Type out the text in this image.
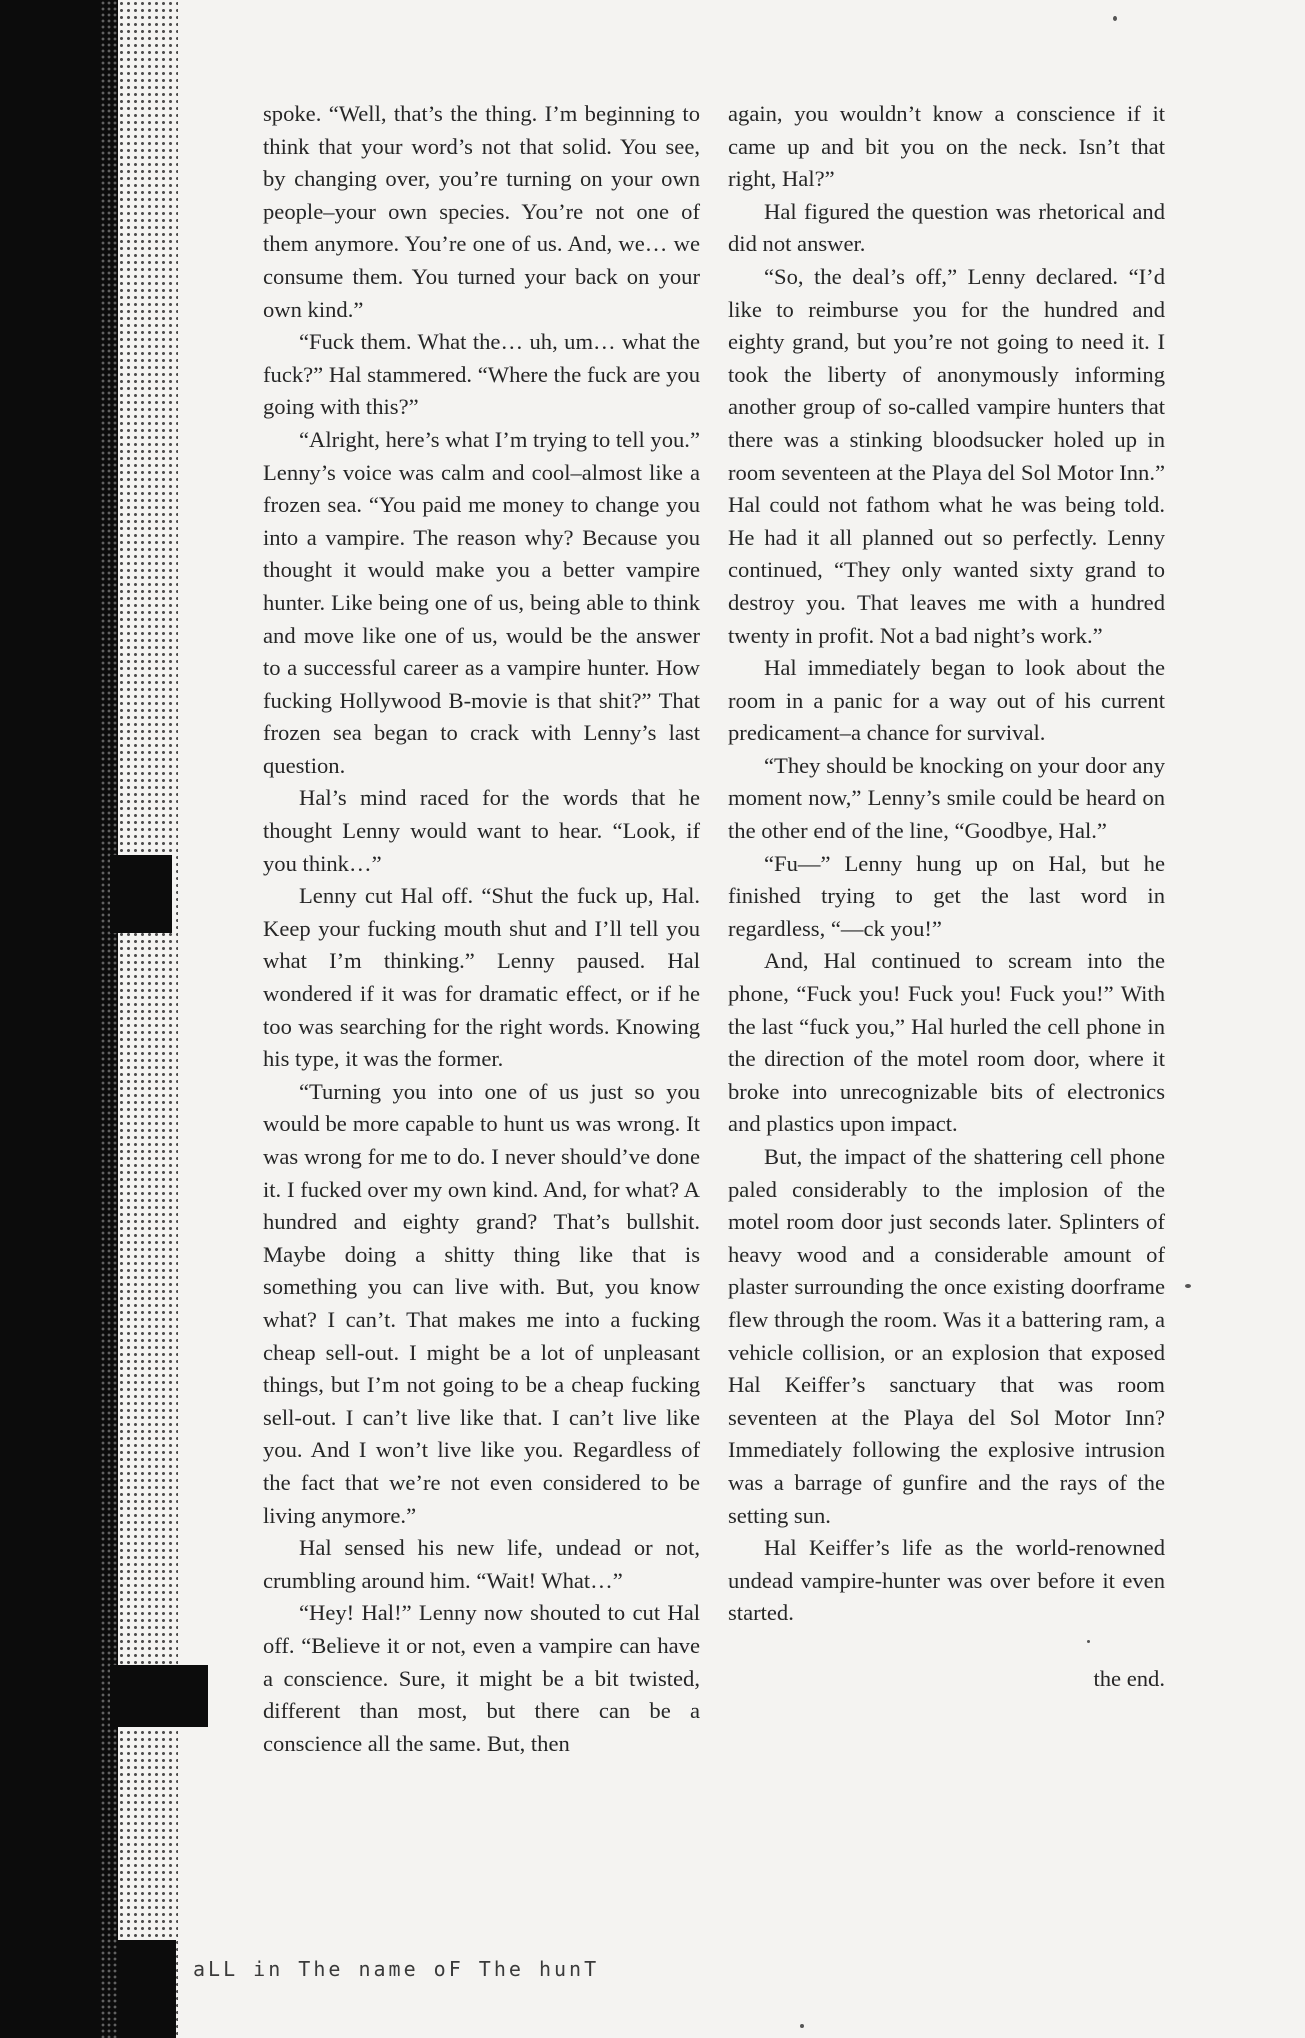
spoke. “Well, that’s the thing. I’m beginning to think that your word’s not that solid. You see, by changing over, you’re turning on your own people–your own species. You’re not one of them anymore. You’re one of us. And, we… we consume them. You turned your back on your own kind.”

“Fuck them. What the… uh, um… what the fuck?” Hal stammered. “Where the fuck are you going with this?”

“Alright, here’s what I’m trying to tell you.” Lenny’s voice was calm and cool–almost like a frozen sea. “You paid me money to change you into a vampire. The reason why? Because you thought it would make you a better vampire hunter. Like being one of us, being able to think and move like one of us, would be the answer to a successful career as a vampire hunter. How fucking Hollywood B-movie is that shit?” That frozen sea began to crack with Lenny’s last question.

Hal’s mind raced for the words that he thought Lenny would want to hear. “Look, if you think…”

Lenny cut Hal off. “Shut the fuck up, Hal. Keep your fucking mouth shut and I’ll tell you what I’m thinking.” Lenny paused. Hal wondered if it was for dramatic effect, or if he too was searching for the right words. Knowing his type, it was the former.

“Turning you into one of us just so you would be more capable to hunt us was wrong. It was wrong for me to do. I never should’ve done it. I fucked over my own kind. And, for what? A hundred and eighty grand? That’s bullshit. Maybe doing a shitty thing like that is something you can live with. But, you know what? I can’t. That makes me into a fucking cheap sell-out. I might be a lot of unpleasant things, but I’m not going to be a cheap fucking sell-out. I can’t live like that. I can’t live like you. And I won’t live like you. Regardless of the fact that we’re not even considered to be living anymore.”

Hal sensed his new life, undead or not, crumbling around him. “Wait! What…”

“Hey! Hal!” Lenny now shouted to cut Hal off. “Believe it or not, even a vampire can have a conscience. Sure, it might be a bit twisted, different than most, but there can be a conscience all the same. But, then

again, you wouldn’t know a conscience if it came up and bit you on the neck. Isn’t that right, Hal?”

Hal figured the question was rhetorical and did not answer.

“So, the deal’s off,” Lenny declared. “I’d like to reimburse you for the hundred and eighty grand, but you’re not going to need it. I took the liberty of anonymously informing another group of so-called vampire hunters that there was a stinking bloodsucker holed up in room seventeen at the Playa del Sol Motor Inn.” Hal could not fathom what he was being told. He had it all planned out so perfectly. Lenny continued, “They only wanted sixty grand to destroy you. That leaves me with a hundred twenty in profit. Not a bad night’s work.”

Hal immediately began to look about the room in a panic for a way out of his current predicament–a chance for survival.

“They should be knocking on your door any moment now,” Lenny’s smile could be heard on the other end of the line, “Goodbye, Hal.”

“Fu—” Lenny hung up on Hal, but he finished trying to get the last word in regardless, “—ck you!”

And, Hal continued to scream into the phone, “Fuck you! Fuck you! Fuck you!” With the last “fuck you,” Hal hurled the cell phone in the direction of the motel room door, where it broke into unrecognizable bits of electronics and plastics upon impact.

But, the impact of the shattering cell phone paled considerably to the implosion of the motel room door just seconds later. Splinters of heavy wood and a considerable amount of plaster surrounding the once existing doorframe flew through the room. Was it a battering ram, a vehicle collision, or an explosion that exposed Hal Keiffer’s sanctuary that was room seventeen at the Playa del Sol Motor Inn? Immediately following the explosive intrusion was a barrage of gunfire and the rays of the setting sun.

Hal Keiffer’s life as the world-renowned undead vampire-hunter was over before it even started.

the end.

aLL in The name oF The hunT
